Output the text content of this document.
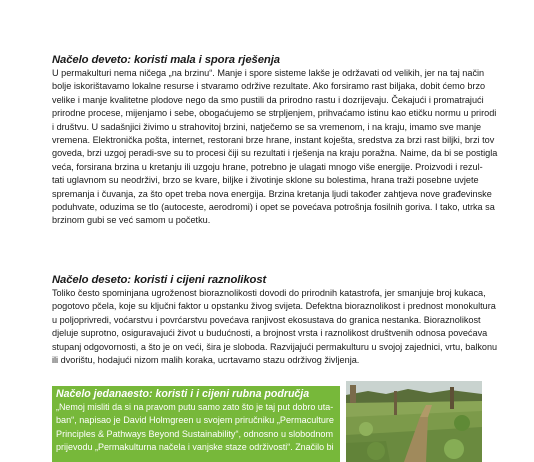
Načelo deveto: koristi mala i spora rješenja

U permakulturi nema ničega „na brzinu“. Manje i spore sisteme lakše je održavati od velikih, jer na taj način
bolje iskorištavamo lokalne resurse i stvaramo održive rezultate. Ako forsiramo rast biljaka, dobit ćemo brzo
velike i manje kvalitetne plodove nego da smo pustili da prirodno rastu i dozrijevaju. Čekajući i promatrajući
prirodne procese, mijenjamo i sebe, obogaćujemo se strpljenjem, prihvaćamo istinu kao etičku normu u prirodi
i društvu. U sadašnjici živimo u strahovitoj brzini, natječemo se sa vremenom, i na kraju, imamo sve manje
vremena. Elektronička pošta, internet, restorani brze hrane, instant koješta, sredstva za brzi rast biljki, brzi tov
goveda, brzi uzgoj peradi-sve su to procesi čiji su rezultati i rješenja na kraju poražna. Naime, da bi se postigla
veća, forsirana brzina u kretanju ili uzgoju hrane, potrebno je ulagati mnogo više energije. Proizvodi i rezul-
tati uglavnom su neodrživi, brzo se kvare, biljke i životinje sklone su bolestima, hrana traži posebne uvjete
spremanja i čuvanja, za što opet treba nova energija. Brzina kretanja ljudi također zahtjeva nove građevinske
poduhvate, oduzima se tlo (autoceste, aerodromi) i opet se povećava potrošnja fosilnih goriva. I tako, utrka sa
brzinom gubi se već samom u početku.

Načelo deseto: koristi i cijeni raznolikost

Toliko često spominjana ugroženost bioraznolikosti dovodi do prirodnih katastrofa, jer smanjuje broj kukaca,
pogotovo pčela, koje su ključni faktor u opstanku živog svijeta. Defektna bioraznolikost i prednost monokultura
u poljoprivredi, voćarstvu i povrćarstvu povećava ranjivost ekosustava do granica nestanka. Bioraznolikost
djeluje suprotno, osiguravajući život u budućnosti, a brojnost vrsta i raznolikost društvenih odnosa povećava
stupanj odgovornosti, a što je on veći, šira je sloboda. Razvijajući permakulturu u svojoj zajednici, vrtu, balkonu
ili dvorištu, hodajući nizom malih koraka, ucrtavamo stazu održivog življenja.

Načelo jedanaesto: koristi i i cijeni rubna područja

„Nemoj misliti da si na pravom putu samo zato što je taj put dobro uta-
ban“, napisao je David Holmgreen u svojem priručniku „Permaculture
Principles & Pathways Beyond Sustainability“, odnosno u slobodnom
prijevodu „Permakulturna načela i vanjske staze održivosti“. Značilo bi
